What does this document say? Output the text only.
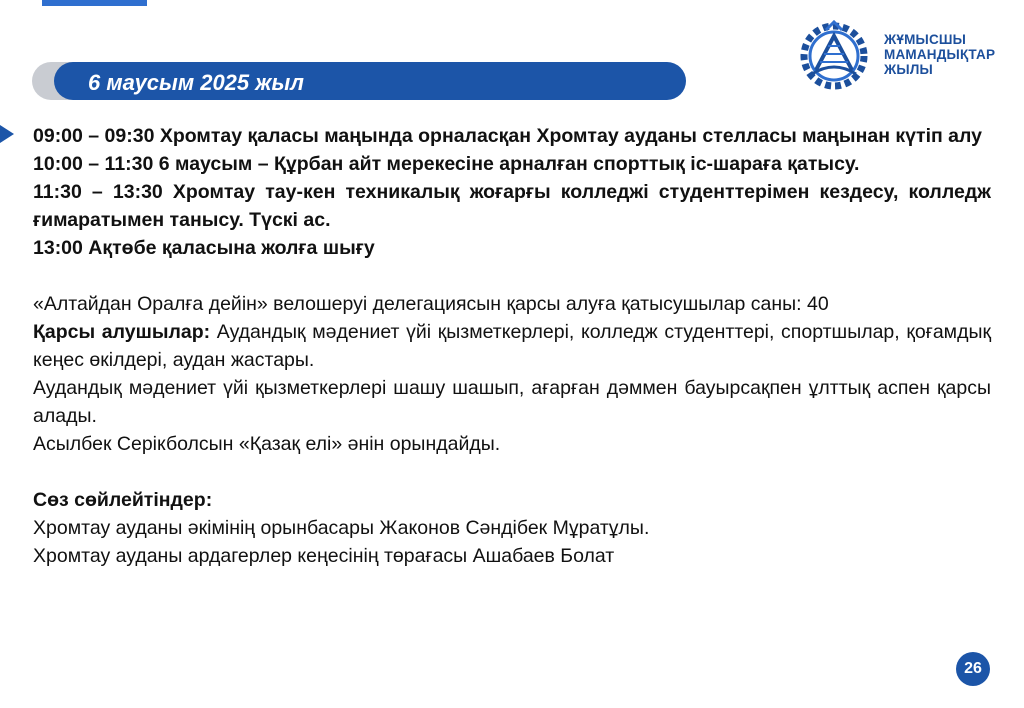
6 маусым 2025 жыл
ЖҰМЫСШЫ
МАМАНДЫҚТАР
ЖЫЛЫ

09:00 – 09:30 Хромтау қаласы маңында орналасқан Хромтау ауданы стелласы маңынан күтіп алу

10:00 – 11:30 6 маусым – Құрбан айт мерекесіне арналған спорттық іс-шараға қатысу.

11:30 – 13:30 Хромтау тау-кен техникалық жоғарғы колледжі студенттерімен кездесу, колледж ғимаратымен танысу. Түскі ас.

13:00 Ақтөбе қаласына жолға шығу

«Алтайдан Оралға дейін» велошеруі делегациясын қарсы алуға қатысушылар саны: 40

Қарсы алушылар: Аудандық мәдениет үйі қызметкерлері, колледж студенттері, спортшылар, қоғамдық кеңес өкілдері, аудан жастары.

Аудандық мәдениет үйі қызметкерлері шашу шашып, ағарған дәммен бауырсақпен ұлттық аспен қарсы алады.

Асылбек Серікболсын «Қазақ елі» әнін орындайды.

Сөз сөйлейтіндер:

Хромтау ауданы әкімінің орынбасары Жаконов Сәндібек Мұратұлы.

Хромтау ауданы ардагерлер кеңесінің төрағасы Ашабаев Болат

26
